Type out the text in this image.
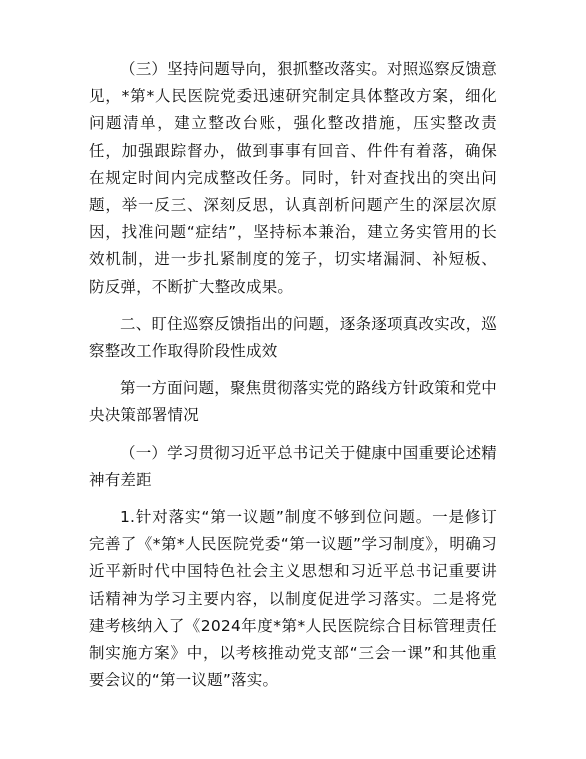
（三）坚持问题导向，狠抓整改落实。对照巡察反馈意见，*第*人民医院党委迅速研究制定具体整改方案，细化问题清单，建立整改台账，强化整改措施，压实整改责任，加强跟踪督办，做到事事有回音、件件有着落，确保在规定时间内完成整改任务。同时，针对查找出的突出问题，举一反三、深刻反思，认真剖析问题产生的深层次原因，找准问题“症结”，坚持标本兼治，建立务实管用的长效机制，进一步扎紧制度的笼子，切实堵漏洞、补短板、防反弹，不断扩大整改成果。

二、盯住巡察反馈指出的问题，逐条逐项真改实改，巡察整改工作取得阶段性成效

第一方面问题，聚焦贯彻落实党的路线方针政策和党中央决策部署情况

（一）学习贯彻习近平总书记关于健康中国重要论述精神有差距

1.针对落实“第一议题”制度不够到位问题。一是修订完善了《*第*人民医院党委“第一议题”学习制度》，明确习近平新时代中国特色社会主义思想和习近平总书记重要讲话精神为学习主要内容，以制度促进学习落实。二是将党建考核纳入了《2024年度*第*人民医院综合目标管理责任制实施方案》中，以考核推动党支部“三会一课”和其他重要会议的“第一议题”落实。
